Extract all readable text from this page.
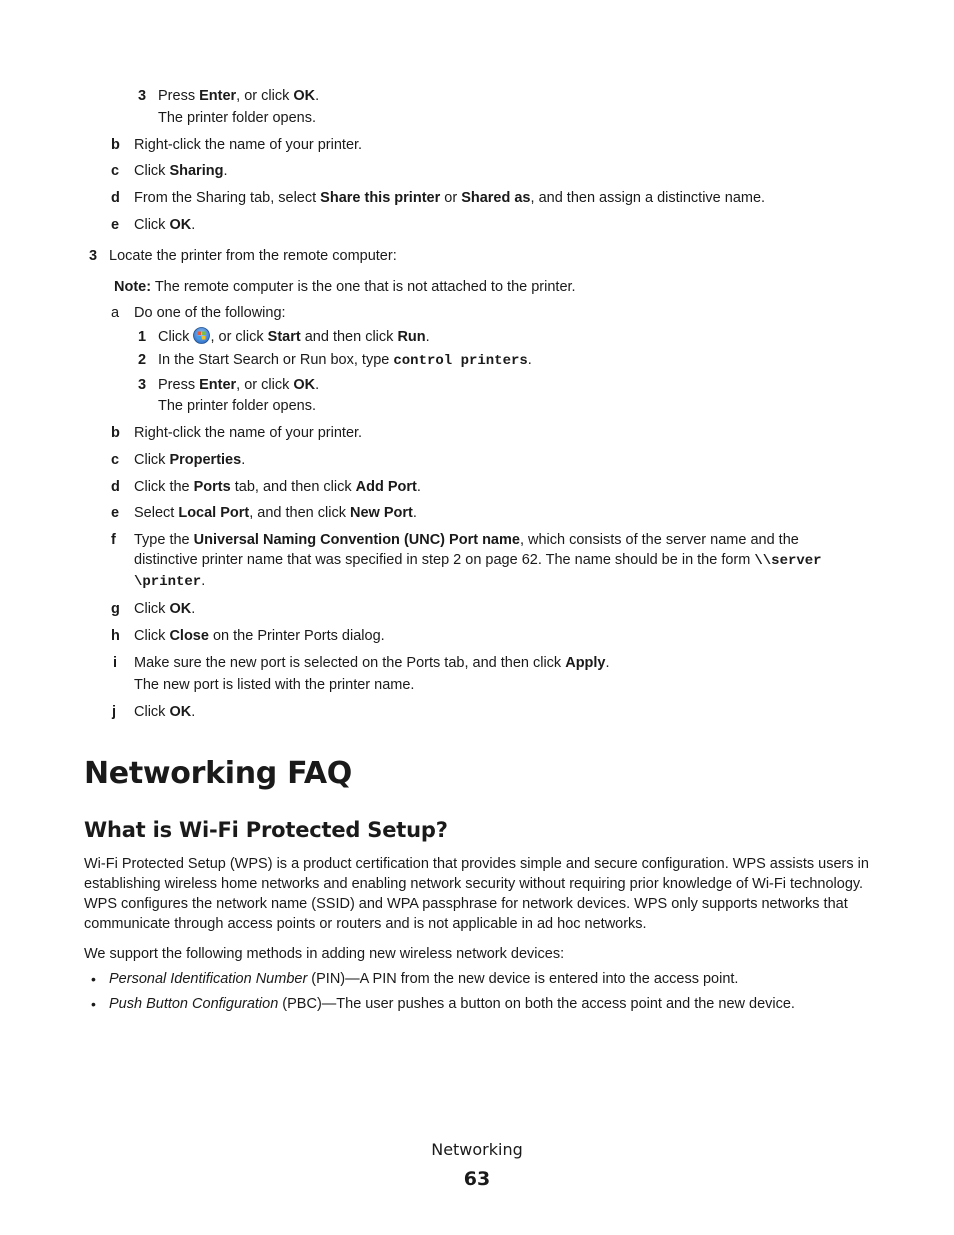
3 Press Enter, or click OK.
The printer folder opens.
b Right-click the name of your printer.
c Click Sharing.
d From the Sharing tab, select Share this printer or Shared as, and then assign a distinctive name.
e Click OK.
3 Locate the printer from the remote computer:
Note: The remote computer is the one that is not attached to the printer.
a Do one of the following:
1 Click , or click Start and then click Run.
2 In the Start Search or Run box, type control printers.
3 Press Enter, or click OK.
The printer folder opens.
b Right-click the name of your printer.
c Click Properties.
d Click the Ports tab, and then click Add Port.
e Select Local Port, and then click New Port.
f Type the Universal Naming Convention (UNC) Port name, which consists of the server name and the
distinctive printer name that was specified in step 2 on page 62. The name should be in the form \\server
\printer.
g Click OK.
h Click Close on the Printer Ports dialog.
i Make sure the new port is selected on the Ports tab, and then click Apply.
The new port is listed with the printer name.
j Click OK.
Networking FAQ
What is Wi-Fi Protected Setup?
Wi-Fi Protected Setup (WPS) is a product certification that provides simple and secure configuration. WPS assists users in establishing wireless home networks and enabling network security without requiring prior knowledge of Wi-Fi technology. WPS configures the network name (SSID) and WPA passphrase for network devices. WPS only supports networks that communicate through access points or routers and is not applicable in ad hoc networks.
We support the following methods in adding new wireless network devices:
• Personal Identification Number (PIN)—A PIN from the new device is entered into the access point.
• Push Button Configuration (PBC)—The user pushes a button on both the access point and the new device.
Networking
63
